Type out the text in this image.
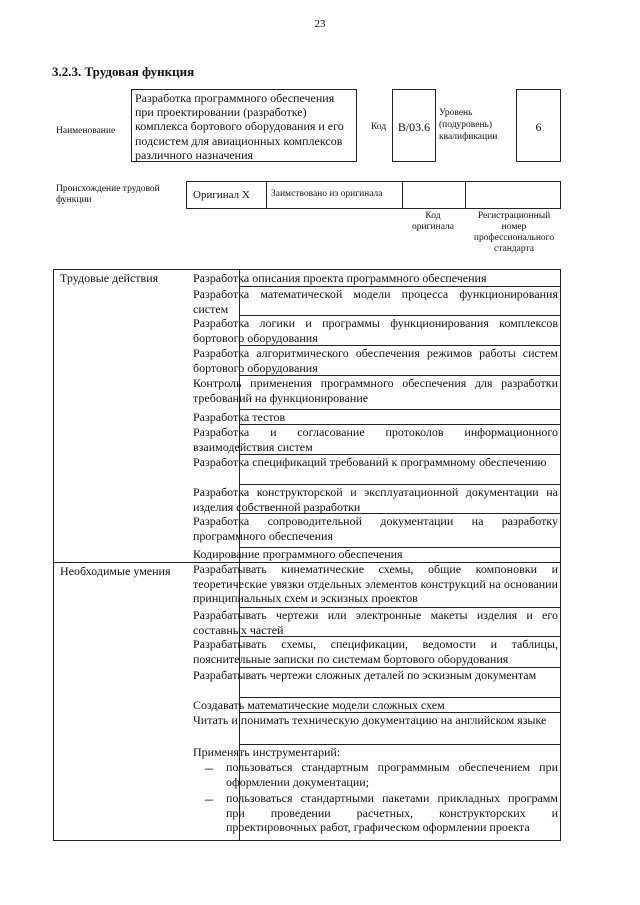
23
3.2.3. Трудовая функция
Наименование
Разработка программного обеспечения при проектировании (разработке) комплекса бортового оборудования и его подсистем для авиационных комплексов различного назначения
Код B/03.6
Уровень (подуровень) квалификации
6
Происхождение трудовой функции	Оригинал X Заимствовано из оригинала
Код оригинала
Регистрационный номер профессионального стандарта
Трудовые действия
Необходимые умения
Разработка описания проекта программного обеспечения
Разработка математической модели процесса функционирования систем
Разработка логики и программы функционирования комплексов бортового оборудования
Разработка алгоритмического обеспечения режимов работы систем бортового оборудования
Контроль применения программного обеспечения для разработки требований на функционирование
Разработка тестов
Разработка и согласование протоколов информационного взаимодействия систем
Разработка спецификаций требований к программному обеспечению
Разработка конструкторской и эксплуатационной документации на изделия собственной разработки
Разработка сопроводительной документации на разработку программного обеспечения
Кодирование программного обеспечения
Разрабатывать кинематические схемы, общие компоновки и теоретические увязки отдельных элементов конструкций на основании принципиальных схем и эскизных проектов
Разрабатывать чертежи или электронные макеты изделия и его составных частей
Разрабатывать схемы, спецификации, ведомости и таблицы, пояснительные записки по системам бортового оборудования
Разрабатывать чертежи сложных деталей по эскизным документам
Создавать математические модели сложных схем
Читать и понимать техническую документацию на английском языке
Применять инструментарий:
– пользоваться стандартным программным обеспечением при оформлении документации;
– пользоваться стандартными пакетами прикладных программ при проведении расчетных, конструкторских и проектировочных работ, графическом оформлении проекта
